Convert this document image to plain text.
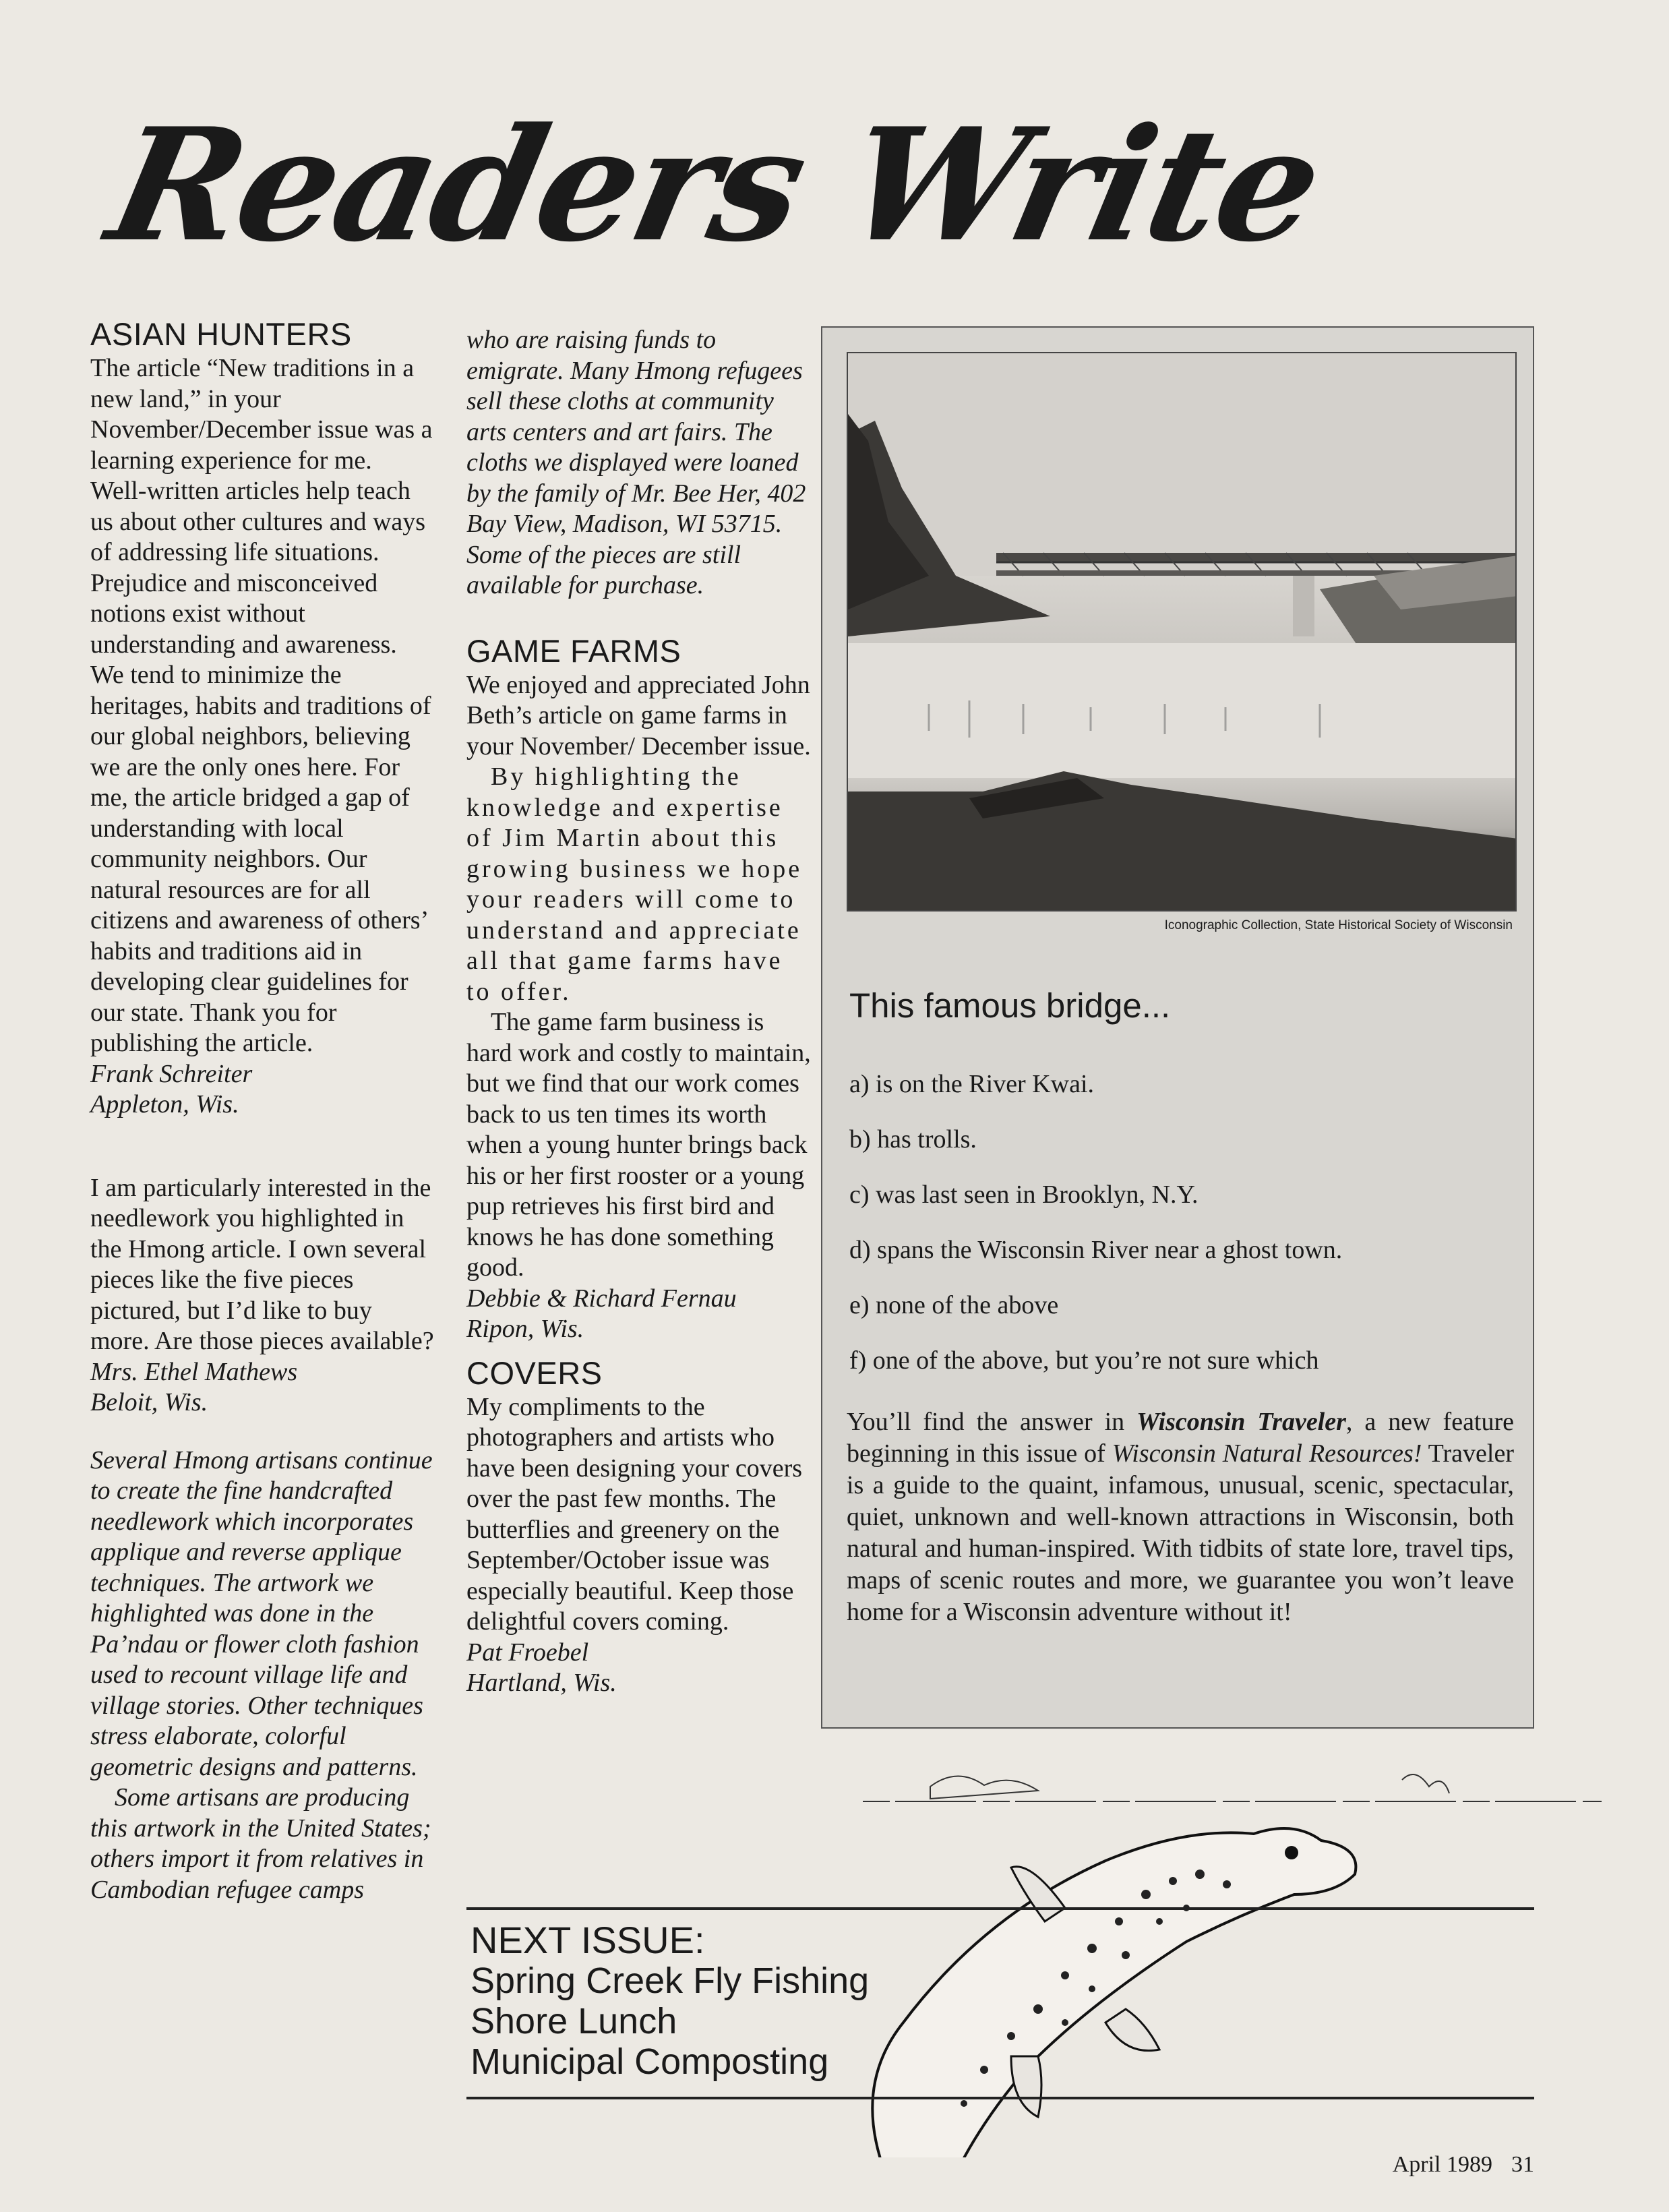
Readers Write
ASIAN HUNTERS

The article “New traditions in a new land,” in your November/December issue was a learning experience for me. Well-written articles help teach us about other cultures and ways of addressing life situations. Prejudice and misconceived notions exist without understanding and awareness. We tend to minimize the heritages, habits and traditions of our global neighbors, believing we are the only ones here. For me, the article bridged a gap of understanding with local community neighbors. Our natural resources are for all citizens and awareness of others’ habits and traditions aid in developing clear guidelines for our state. Thank you for publishing the article.

Frank Schreiter

Appleton, Wis.

I am particularly interested in the needlework you highlighted in the Hmong article. I own several pieces like the five pieces pictured, but I’d like to buy more. Are those pieces available?

Mrs. Ethel Mathews

Beloit, Wis.

Several Hmong artisans continue to create the fine handcrafted needlework which incorporates applique and reverse applique techniques. The artwork we highlighted was done in the Pa’ndau or flower cloth fashion used to recount village life and village stories. Other techniques stress elaborate, colorful geometric designs and patterns.

Some artisans are producing this artwork in the United States; others import it from relatives in Cambodian refugee camps

who are raising funds to emigrate. Many Hmong refugees sell these cloths at community arts centers and art fairs. The cloths we displayed were loaned by the family of Mr. Bee Her, 402 Bay View, Madison, WI 53715. Some of the pieces are still available for purchase.

GAME FARMS

We enjoyed and appreciated John Beth’s article on game farms in your November/ December issue.

By highlighting the knowledge and expertise of Jim Martin about this growing business we hope your readers will come to understand and appreciate all that game farms have to offer.

The game farm business is hard work and costly to maintain, but we find that our work comes back to us ten times its worth when a young hunter brings back his or her first rooster or a young pup retrieves his first bird and knows he has done something good.

Debbie & Richard Fernau

Ripon, Wis.

COVERS

My compliments to the photographers and artists who have been designing your covers over the past few months. The butterflies and greenery on the September/October issue was especially beautiful. Keep those delightful covers coming.

Pat Froebel

Hartland, Wis.

Iconographic Collection, State Historical Society of Wisconsin
This famous bridge...
a) is on the River Kwai.
b) has trolls.
c) was last seen in Brooklyn, N.Y.
d) spans the Wisconsin River near a ghost town.
e) none of the above
f) one of the above, but you’re not sure which
You’ll find the answer in Wisconsin Traveler, a new feature beginning in this issue of Wisconsin Natural Resources! Traveler is a guide to the quaint, infamous, unusual, scenic, spectacular, quiet, unknown and well-known attractions in Wisconsin, both natural and human-inspired. With tidbits of state lore, travel tips, maps of scenic routes and more, we guarantee you won’t leave home for a Wisconsin adventure without it!
NEXT ISSUE:
Spring Creek Fly Fishing
Shore Lunch
Municipal Composting
April 1989 31
